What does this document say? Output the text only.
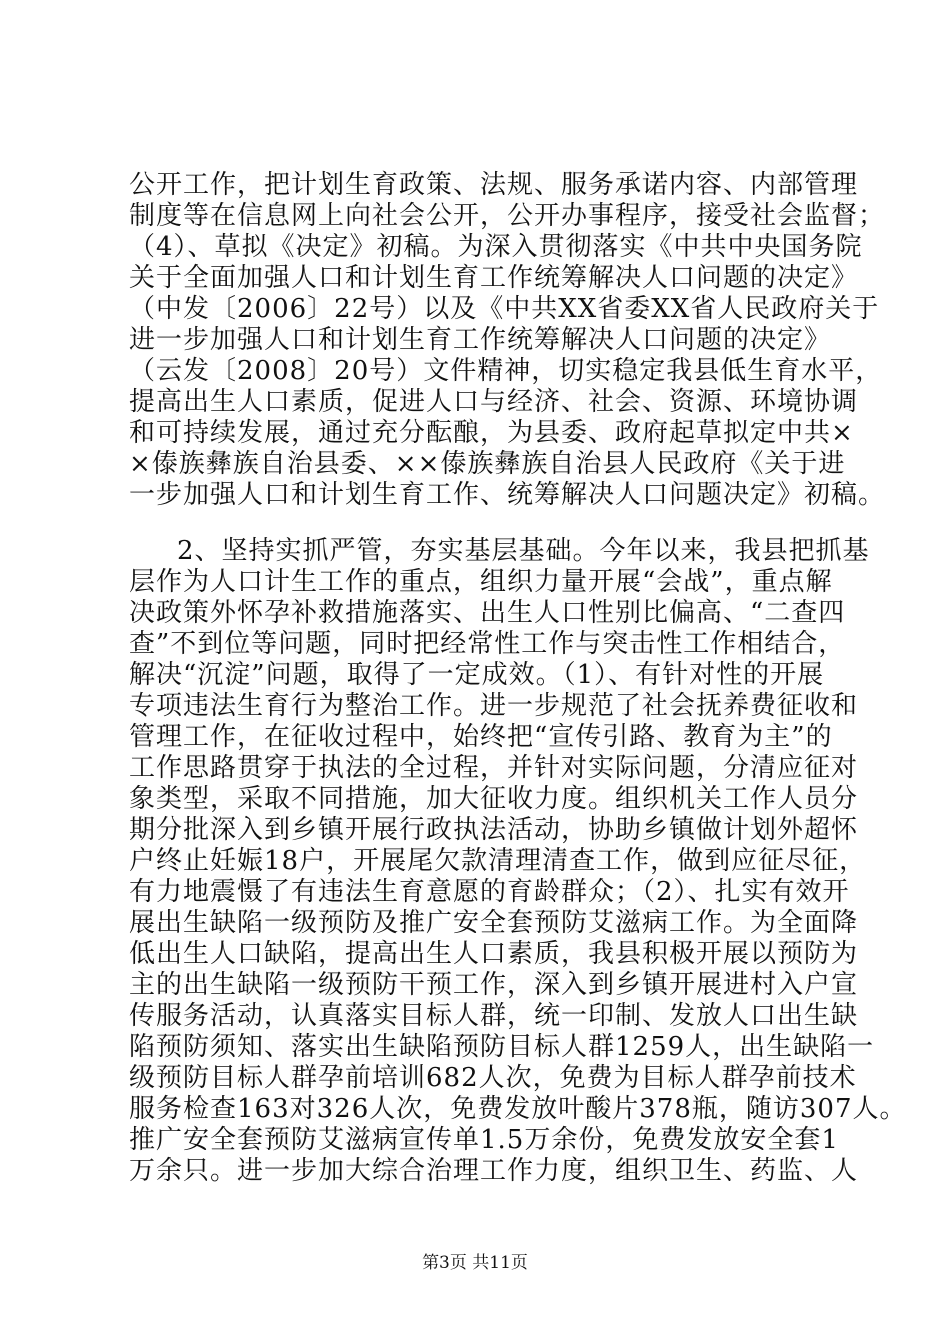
公开工作，把计划生育政策、法规、服务承诺内容、内部管理
制度等在信息网上向社会公开，公开办事程序，接受社会监督；
（4）、草拟《决定》初稿。为深入贯彻落实《中共中央国务院
关于全面加强人口和计划生育工作统筹解决人口问题的决定》
（中发〔2006〕22号）以及《中共XX省委XX省人民政府关于
进一步加强人口和计划生育工作统筹解决人口问题的决定》
（云发〔2008〕20号）文件精神，切实稳定我县低生育水平，
提高出生人口素质，促进人口与经济、社会、资源、环境协调
和可持续发展，通过充分酝酿，为县委、政府起草拟定中共×
×傣族彝族自治县委、××傣族彝族自治县人民政府《关于进
一步加强人口和计划生育工作、统筹解决人口问题决定》初稿。
2、坚持实抓严管，夯实基层基础。今年以来，我县把抓基
层作为人口计生工作的重点，组织力量开展“会战”，重点解
决政策外怀孕补救措施落实、出生人口性别比偏高、“二查四
查”不到位等问题，同时把经常性工作与突击性工作相结合，
解决“沉淀”问题，取得了一定成效。（1）、有针对性的开展
专项违法生育行为整治工作。进一步规范了社会抚养费征收和
管理工作，在征收过程中，始终把“宣传引路、教育为主”的
工作思路贯穿于执法的全过程，并针对实际问题，分清应征对
象类型，采取不同措施，加大征收力度。组织机关工作人员分
期分批深入到乡镇开展行政执法活动，协助乡镇做计划外超怀
户终止妊娠18户，开展尾欠款清理清查工作，做到应征尽征，
有力地震慑了有违法生育意愿的育龄群众；（2）、扎实有效开
展出生缺陷一级预防及推广安全套预防艾滋病工作。为全面降
低出生人口缺陷，提高出生人口素质，我县积极开展以预防为
主的出生缺陷一级预防干预工作，深入到乡镇开展进村入户宣
传服务活动，认真落实目标人群，统一印制、发放人口出生缺
陷预防须知、落实出生缺陷预防目标人群1259人，出生缺陷一
级预防目标人群孕前培训682人次，免费为目标人群孕前技术
服务检查163对326人次，免费发放叶酸片378瓶，随访307人。
推广安全套预防艾滋病宣传单1.5万余份，免费发放安全套1
万余只。进一步加大综合治理工作力度，组织卫生、药监、人
第3页 共11页
